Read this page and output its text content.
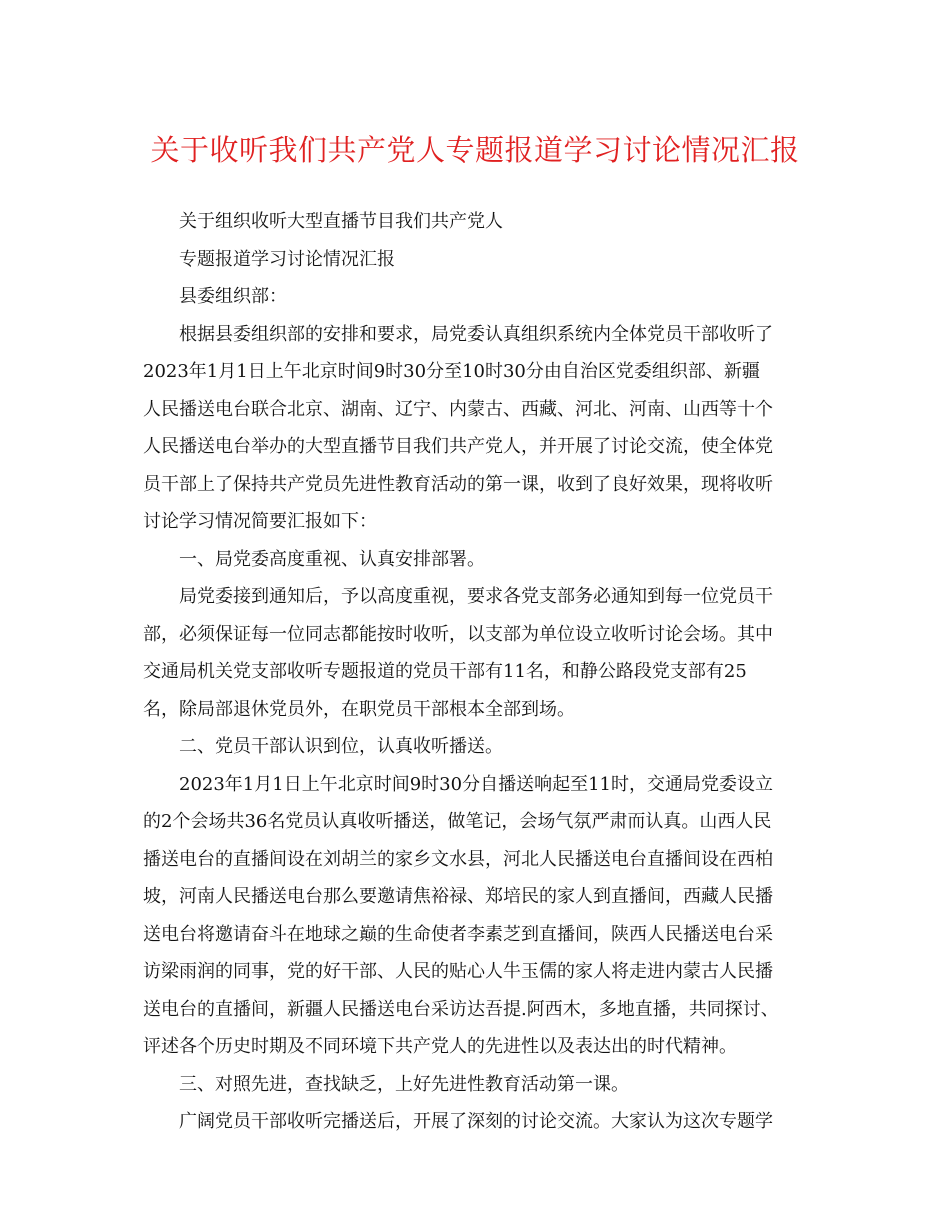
关于收听我们共产党人专题报道学习讨论情况汇报
关于组织收听大型直播节目我们共产党人
专题报道学习讨论情况汇报
县委组织部：
根据县委组织部的安排和要求，局党委认真组织系统内全体党员干部收听了
2023年1月1日上午北京时间9时30分至10时30分由自治区党委组织部、新疆
人民播送电台联合北京、湖南、辽宁、内蒙古、西藏、河北、河南、山西等十个
人民播送电台举办的大型直播节目我们共产党人，并开展了讨论交流，使全体党
员干部上了保持共产党员先进性教育活动的第一课，收到了良好效果，现将收听
讨论学习情况简要汇报如下：
一、局党委高度重视、认真安排部署。
局党委接到通知后，予以高度重视，要求各党支部务必通知到每一位党员干
部，必须保证每一位同志都能按时收听，以支部为单位设立收听讨论会场。其中
交通局机关党支部收听专题报道的党员干部有11名，和静公路段党支部有25
名，除局部退休党员外，在职党员干部根本全部到场。
二、党员干部认识到位，认真收听播送。
2023年1月1日上午北京时间9时30分自播送响起至11时，交通局党委设立
的2个会场共36名党员认真收听播送，做笔记，会场气氛严肃而认真。山西人民
播送电台的直播间设在刘胡兰的家乡文水县，河北人民播送电台直播间设在西柏
坡，河南人民播送电台那么要邀请焦裕禄、郑培民的家人到直播间，西藏人民播
送电台将邀请奋斗在地球之巅的生命使者李素芝到直播间，陕西人民播送电台采
访梁雨润的同事，党的好干部、人民的贴心人牛玉儒的家人将走进内蒙古人民播
送电台的直播间，新疆人民播送电台采访达吾提.阿西木，多地直播，共同探讨、
评述各个历史时期及不同环境下共产党人的先进性以及表达出的时代精神。
三、对照先进，查找缺乏，上好先进性教育活动第一课。
广阔党员干部收听完播送后，开展了深刻的讨论交流。大家认为这次专题学
